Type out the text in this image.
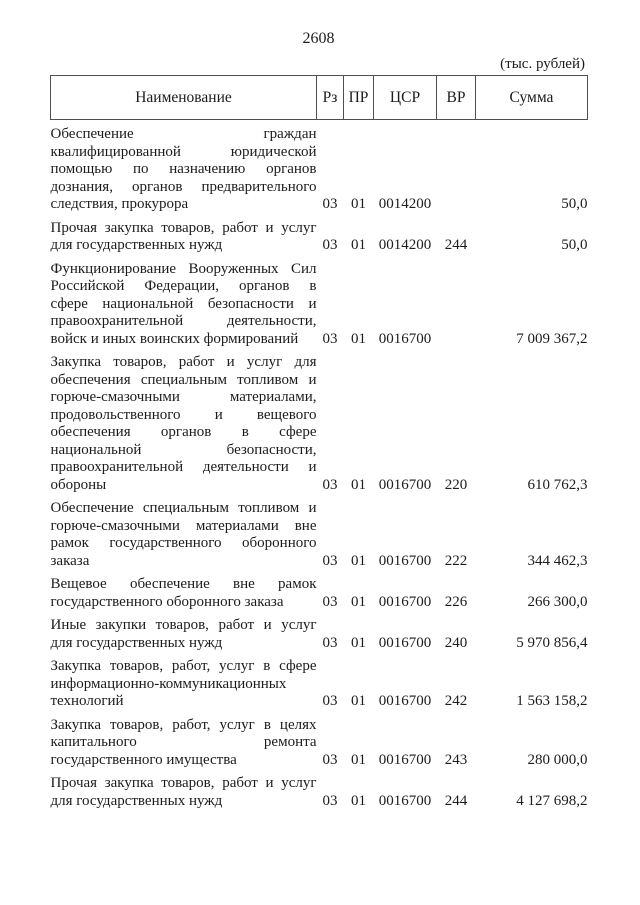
2608
(тыс. рублей)
Наименование	Рз	ПР	ЦСР	ВР	Сумма

Обеспечение граждан
квалифицированной юридической
помощью по назначению органов
дознания, органов предварительного
следствия, прокурора	03	01	0014200		50,0

Прочая закупка товаров, работ и услуг
для государственных нужд	03	01	0014200	244	50,0

Функционирование Вооруженных Сил
Российской Федерации, органов в
сфере национальной безопасности и
правоохранительной деятельности,
войск и иных воинских формирований	03	01	0016700		7 009 367,2

Закупка товаров, работ и услуг для
обеспечения специальным топливом и
горюче-смазочными материалами,
продовольственного и вещевого
обеспечения органов в сфере
национальной безопасности,
правоохранительной деятельности и
обороны	03	01	0016700	220	610 762,3

Обеспечение специальным топливом и
горюче-смазочными материалами вне
рамок государственного оборонного
заказа	03	01	0016700	222	344 462,3

Вещевое обеспечение вне рамок
государственного оборонного заказа	03	01	0016700	226	266 300,0

Иные закупки товаров, работ и услуг
для государственных нужд	03	01	0016700	240	5 970 856,4

Закупка товаров, работ, услуг в сфере
информационно-коммуникационных
технологий	03	01	0016700	242	1 563 158,2

Закупка товаров, работ, услуг в целях
капитального ремонта
государственного имущества	03	01	0016700	243	280 000,0

Прочая закупка товаров, работ и услуг
для государственных нужд	03	01	0016700	244	4 127 698,2
